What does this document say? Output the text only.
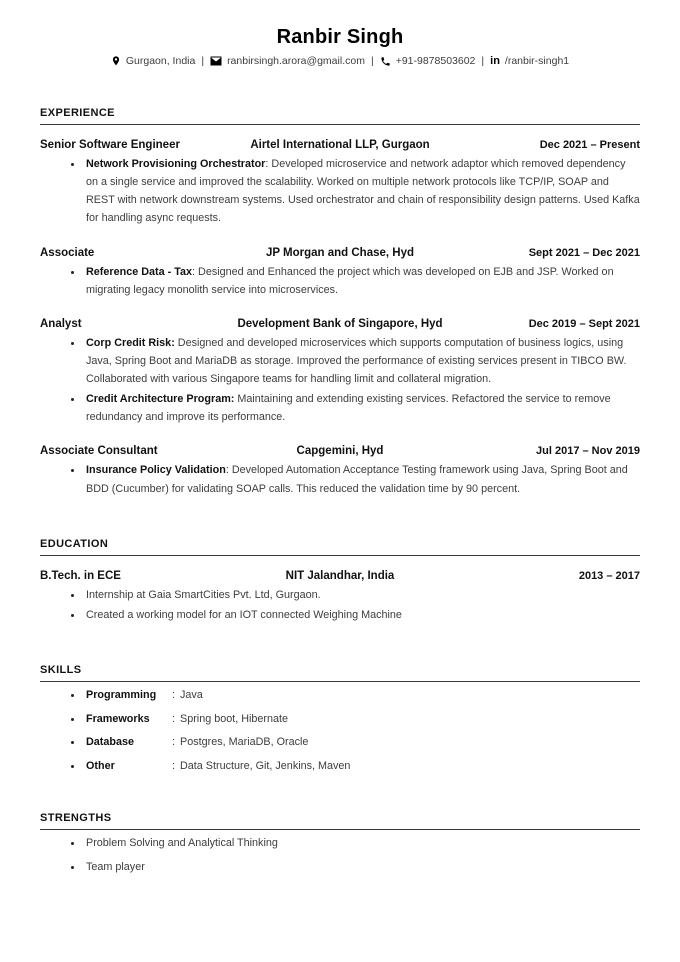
Ranbir Singh
Gurgaon, India | ranbirsingh.arora@gmail.com | +91-9878503602 | in /ranbir-singh1
EXPERIENCE
Senior Software Engineer	Airtel International LLP, Gurgaon	Dec 2021 – Present
• Network Provisioning Orchestrator: Developed microservice and network adaptor which removed dependency on a single service and improved the scalability. Worked on multiple network protocols like TCP/IP, SOAP and REST with network downstream systems. Used orchestrator and chain of responsibility design patterns. Used Kafka for handling async requests.
Associate	JP Morgan and Chase, Hyd	Sept 2021 – Dec 2021
• Reference Data - Tax: Designed and Enhanced the project which was developed on EJB and JSP. Worked on migrating legacy monolith service into microservices.
Analyst	Development Bank of Singapore, Hyd	Dec 2019 – Sept 2021
• Corp Credit Risk: Designed and developed microservices which supports computation of business logics, using Java, Spring Boot and MariaDB as storage. Improved the performance of existing services present in TIBCO BW. Collaborated with various Singapore teams for handling limit and collateral migration.
• Credit Architecture Program: Maintaining and extending existing services. Refactored the service to remove redundancy and improve its performance.
Associate Consultant	Capgemini, Hyd	Jul 2017 – Nov 2019
• Insurance Policy Validation: Developed Automation Acceptance Testing framework using Java, Spring Boot and BDD (Cucumber) for validating SOAP calls. This reduced the validation time by 90 percent.
EDUCATION
B.Tech. in ECE	NIT Jalandhar, India	2013 – 2017
• Internship at Gaia SmartCities Pvt. Ltd, Gurgaon.
• Created a working model for an IOT connected Weighing Machine
SKILLS
• Programming : Java
• Frameworks : Spring boot, Hibernate
• Database	: Postgres, MariaDB, Oracle
• Other	: Data Structure, Git, Jenkins, Maven
STRENGTHS
• Problem Solving and Analytical Thinking
• Team player
